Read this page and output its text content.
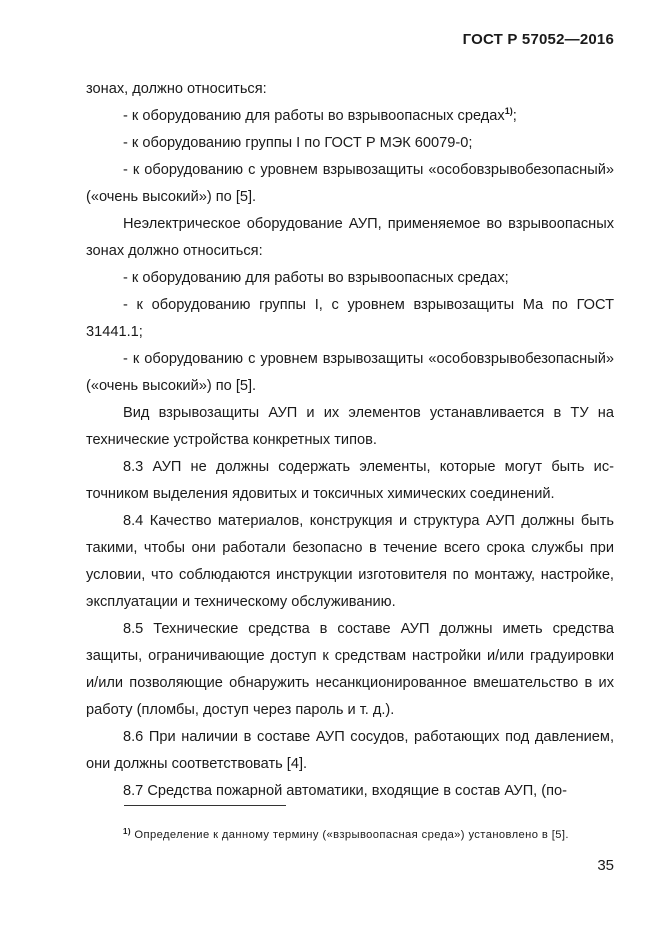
ГОСТ Р 57052—2016

зонах, должно относиться:

- к оборудованию для работы во взрывоопасных средах$^{1)}$;

- к оборудованию группы I по ГОСТ Р МЭК 60079-0;

- к оборудованию с уровнем взрывозащиты «особовзрывобезопасный» («очень высокий») по [5].

Неэлектрическое оборудование АУП, применяемое во взрывоопасных зонах должно относиться:

- к оборудованию для работы во взрывоопасных средах;

- к оборудованию группы I, с уровнем взрывозащиты Ма по ГОСТ 31441.1;

- к оборудованию с уровнем взрывозащиты «особовзрывобезопасный» («очень высокий») по [5].

Вид взрывозащиты АУП и их элементов устанавливается в ТУ на технические устройства конкретных типов.

8.3 АУП не должны содержать элементы, которые могут быть источником выделения ядовитых и токсичных химических соединений.

8.4 Качество материалов, конструкция и структура АУП должны быть такими, чтобы они работали безопасно в течение всего срока службы при условии, что соблюдаются инструкции изготовителя по монтажу, настройке, эксплуатации и техническому обслуживанию.

8.5 Технические средства в составе АУП должны иметь средства защиты, ограничивающие доступ к средствам настройки и/или градуировки и/или позволяющие обнаружить несанкционированное вмешательство в их работу (пломбы, доступ через пароль и т. д.).

8.6 При наличии в составе АУП сосудов, работающих под давлением, они должны соответствовать [4].

8.7 Средства пожарной автоматики, входящие в состав АУП, (по-

$^{1)}$ Определение к данному термину («взрывоопасная среда») установлено в [5].

35
